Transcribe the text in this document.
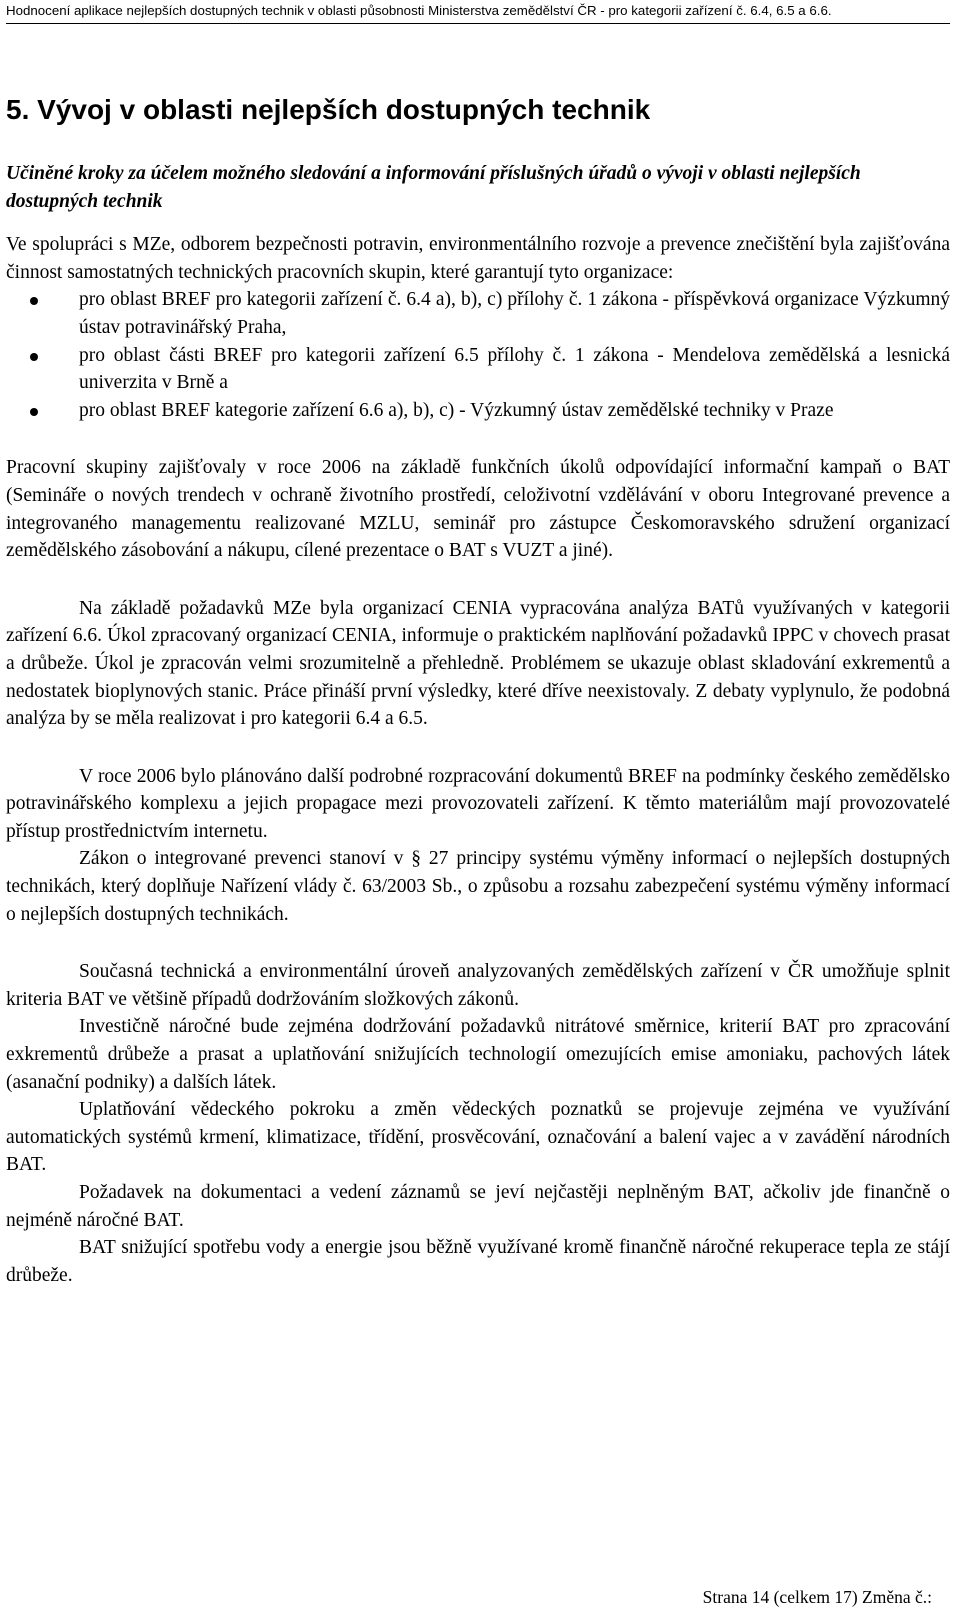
Hodnocení aplikace nejlepších dostupných technik v oblasti působnosti Ministerstva zemědělství ČR - pro kategorii zařízení č. 6.4, 6.5 a 6.6.
5. Vývoj v oblasti nejlepších dostupných technik

Učiněné kroky za účelem možného sledování a informování příslušných úřadů o vývoji v oblasti nejlepších dostupných technik

Ve spolupráci s MZe, odborem bezpečnosti potravin, environmentálního rozvoje a prevence znečištění byla zajišťována činnost samostatných technických pracovních skupin, které garantují tyto organizace:

pro oblast BREF pro kategorii zařízení č. 6.4 a), b), c) přílohy č. 1 zákona - příspěvková organizace Výzkumný ústav potravinářský Praha,
pro oblast části BREF pro kategorii zařízení 6.5 přílohy č. 1 zákona - Mendelova zemědělská a lesnická univerzita v Brně a
pro oblast BREF kategorie zařízení 6.6 a), b), c) - Výzkumný ústav zemědělské techniky v Praze

Pracovní skupiny zajišťovaly v roce 2006 na základě funkčních úkolů odpovídající informační kampaň o BAT (Semináře o nových trendech v ochraně životního prostředí, celoživotní vzdělávání v oboru Integrované prevence a integrovaného managementu realizované MZLU, seminář pro zástupce Českomoravského sdružení organizací zemědělského zásobování a nákupu, cílené prezentace o BAT s VUZT a jiné).

Na základě požadavků MZe byla organizací CENIA vypracována analýza BATů využívaných v kategorii zařízení 6.6. Úkol zpracovaný organizací CENIA, informuje o praktickém naplňování požadavků IPPC v chovech prasat a drůbeže. Úkol je zpracován velmi srozumitelně a přehledně. Problémem se ukazuje oblast skladování exkrementů a nedostatek bioplynových stanic. Práce přináší první výsledky, které dříve neexistovaly. Z debaty vyplynulo, že podobná analýza by se měla realizovat i pro kategorii 6.4 a 6.5.

V roce 2006 bylo plánováno další podrobné rozpracování dokumentů BREF na podmínky českého zemědělsko potravinářského komplexu a jejich propagace mezi provozovateli zařízení. K těmto materiálům mají provozovatelé přístup prostřednictvím internetu.

Zákon o integrované prevenci stanoví v § 27 principy systému výměny informací o nejlepších dostupných technikách, který doplňuje Nařízení vlády č. 63/2003 Sb., o způsobu a rozsahu zabezpečení systému výměny informací o nejlepších dostupných technikách.

Současná technická a environmentální úroveň analyzovaných zemědělských zařízení v ČR umožňuje splnit kriteria BAT ve většině případů dodržováním složkových zákonů.

Investičně náročné bude zejména dodržování požadavků nitrátové směrnice, kriterií BAT pro zpracování exkrementů drůbeže a prasat a uplatňování snižujících technologií omezujících emise amoniaku, pachových látek (asanační podniky) a dalších látek.

Uplatňování vědeckého pokroku a změn vědeckých poznatků se projevuje zejména ve využívání automatických systémů krmení, klimatizace, třídění, prosvěcování, označování a balení vajec a v zavádění národních BAT.

Požadavek na dokumentaci a vedení záznamů se jeví nejčastěji neplněným BAT, ačkoliv jde finančně o nejméně náročné BAT.

BAT snižující spotřebu vody a energie jsou běžně využívané kromě finančně náročné rekuperace tepla ze stájí drůbeže.

Strana 14 (celkem 17) Změna č.:
